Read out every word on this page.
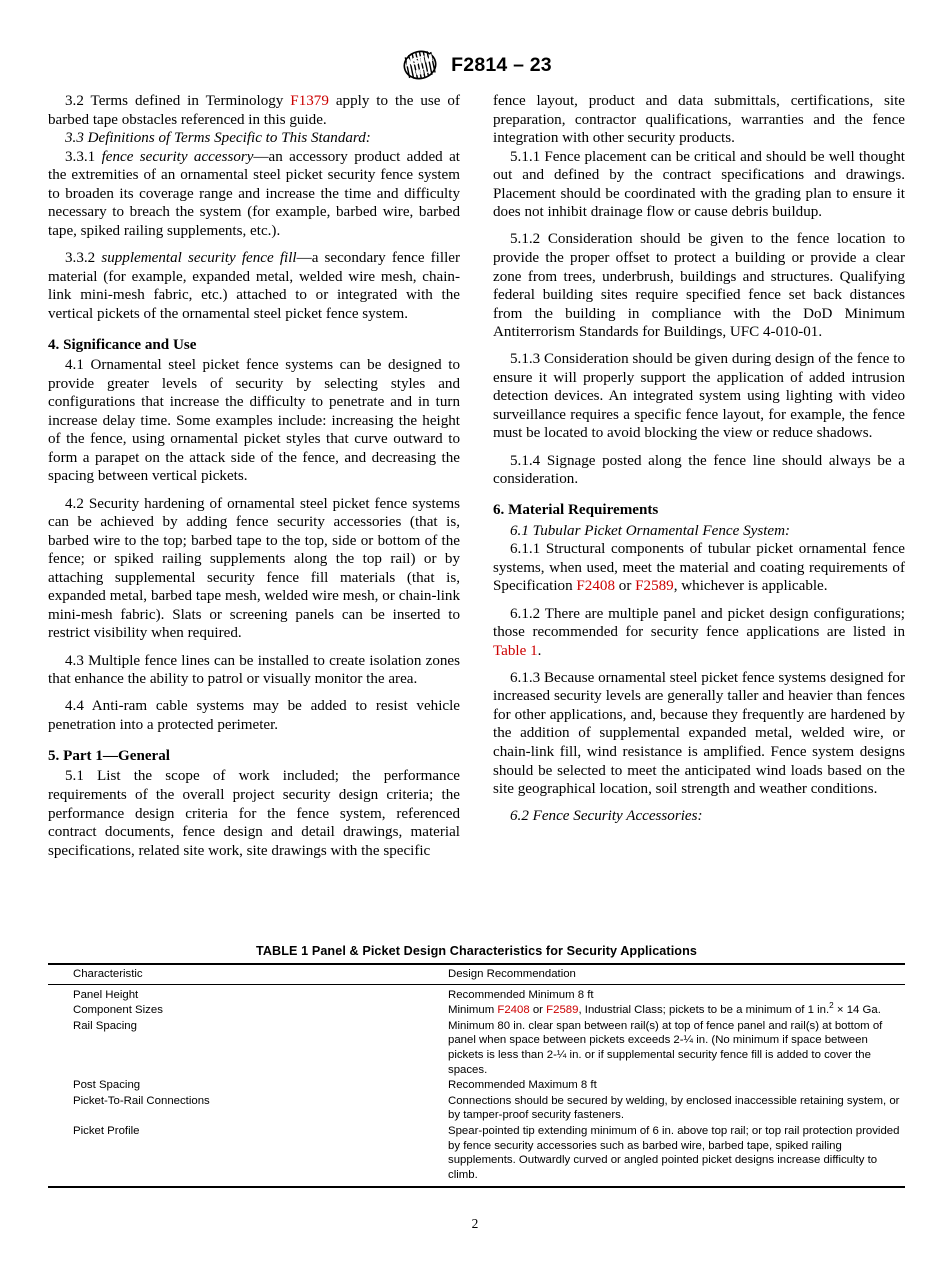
ASTM
INTL F2814 – 23

3.2 Terms defined in Terminology F1379 apply to the use of barbed tape obstacles referenced in this guide.

3.3 Definitions of Terms Specific to This Standard:

3.3.1 fence security accessory—an accessory product added at the extremities of an ornamental steel picket security fence system to broaden its coverage range and increase the time and difficulty necessary to breach the system (for example, barbed wire, barbed tape, spiked railing supplements, etc.).

3.3.2 supplemental security fence fill—a secondary fence filler material (for example, expanded metal, welded wire mesh, chain-link mini-mesh fabric, etc.) attached to or integrated with the vertical pickets of the ornamental steel picket fence system.

4. Significance and Use

4.1 Ornamental steel picket fence systems can be designed to provide greater levels of security by selecting styles and configurations that increase the difficulty to penetrate and in turn increase delay time. Some examples include: increasing the height of the fence, using ornamental picket styles that curve outward to form a parapet on the attack side of the fence, and decreasing the spacing between vertical pickets.

4.2 Security hardening of ornamental steel picket fence systems can be achieved by adding fence security accessories (that is, barbed wire to the top; barbed tape to the top, side or bottom of the fence; or spiked railing supplements along the top rail) or by attaching supplemental security fence fill materials (that is, expanded metal, barbed tape mesh, welded wire mesh, or chain-link mini-mesh fabric). Slats or screening panels can be inserted to restrict visibility when required.

4.3 Multiple fence lines can be installed to create isolation zones that enhance the ability to patrol or visually monitor the area.

4.4 Anti-ram cable systems may be added to resist vehicle penetration into a protected perimeter.

5. Part 1—General

5.1 List the scope of work included; the performance requirements of the overall project security design criteria; the performance design criteria for the fence system, referenced contract documents, fence design and detail drawings, material specifications, related site work, site drawings with the specific

fence layout, product and data submittals, certifications, site preparation, contractor qualifications, warranties and the fence integration with other security products.

5.1.1 Fence placement can be critical and should be well thought out and defined by the contract specifications and drawings. Placement should be coordinated with the grading plan to ensure it does not inhibit drainage flow or cause debris buildup.

5.1.2 Consideration should be given to the fence location to provide the proper offset to protect a building or provide a clear zone from trees, underbrush, buildings and structures. Qualifying federal building sites require specified fence set back distances from the building in compliance with the DoD Minimum Antiterrorism Standards for Buildings, UFC 4-010-01.

5.1.3 Consideration should be given during design of the fence to ensure it will properly support the application of added intrusion detection devices. An integrated system using lighting with video surveillance requires a specific fence layout, for example, the fence must be located to avoid blocking the view or reduce shadows.

5.1.4 Signage posted along the fence line should always be a consideration.

6. Material Requirements

6.1 Tubular Picket Ornamental Fence System:

6.1.1 Structural components of tubular picket ornamental fence systems, when used, meet the material and coating requirements of Specification F2408 or F2589, whichever is applicable.

6.1.2 There are multiple panel and picket design configurations; those recommended for security fence applications are listed in Table 1.

6.1.3 Because ornamental steel picket fence systems designed for increased security levels are generally taller and heavier than fences for other applications, and, because they frequently are hardened by the addition of supplemental expanded metal, welded wire, or chain-link fill, wind resistance is amplified. Fence system designs should be selected to meet the anticipated wind loads based on the site geographical location, soil strength and weather conditions.

6.2 Fence Security Accessories:

TABLE 1 Panel & Picket Design Characteristics for Security Applications
Characteristic	Design Recommendation
Panel Height	Recommended Minimum 8 ft
Component Sizes	Minimum F2408 or F2589, Industrial Class; pickets to be a minimum of 1 in.$^2$ × 14 Ga.
Rail Spacing	Minimum 80 in. clear span between rail(s) at top of fence panel and rail(s) at bottom of panel when space between pickets exceeds 2-¼ in. (No minimum if space between pickets is less than 2-¼ in. or if supplemental security fence fill is added to cover the spaces.
Post Spacing	Recommended Maximum 8 ft
Picket-To-Rail Connections	Connections should be secured by welding, by enclosed inaccessible retaining system, or by tamper-proof security fasteners.
Picket Profile	Spear-pointed tip extending minimum of 6 in. above top rail; or top rail protection provided by fence security accessories such as barbed wire, barbed tape, spiked railing supplements. Outwardly curved or angled pointed picket designs increase difficulty to climb.
2
